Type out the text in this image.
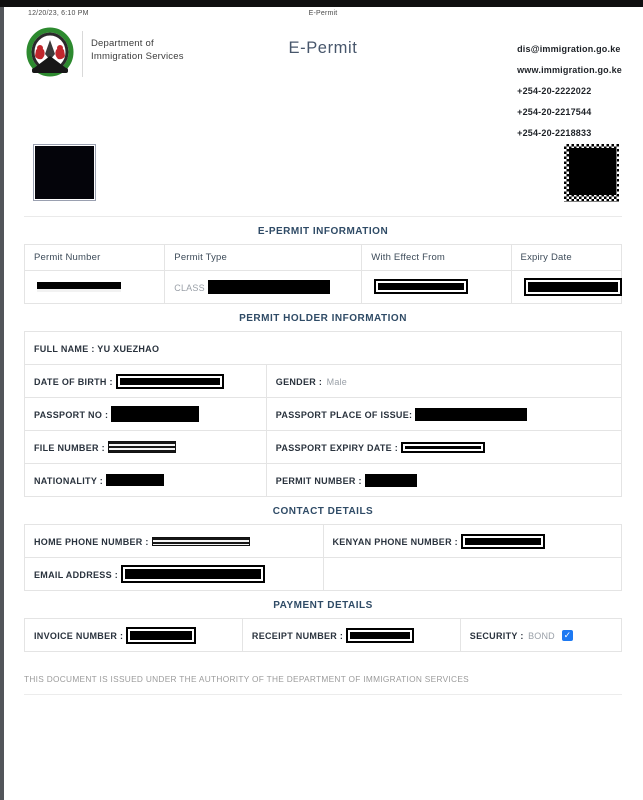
12/20/23, 6:10 PM	E-Permit
Department of
Immigration Services	E-Permit	dis@immigration.go.ke
www.immigration.go.ke
+254-20-2222022
+254-20-2217544
+254-20-2218833
E-PERMIT INFORMATION
Permit Number	Permit Type	With Effect From	Expiry Date
	CLASS		
PERMIT HOLDER INFORMATION
FULL NAME : YU XUEZHAO	
DATE OF BIRTH :	GENDER : Male
PASSPORT NO :	PASSPORT PLACE OF ISSUE:
FILE NUMBER :	PASSPORT EXPIRY DATE :
NATIONALITY :	PERMIT NUMBER :
CONTACT DETAILS
HOME PHONE NUMBER :	KENYAN PHONE NUMBER :
EMAIL ADDRESS :	
PAYMENT DETAILS
INVOICE NUMBER :	RECEIPT NUMBER :	SECURITY : BOND✓
THIS DOCUMENT IS ISSUED UNDER THE AUTHORITY OF THE DEPARTMENT OF IMMIGRATION SERVICES
